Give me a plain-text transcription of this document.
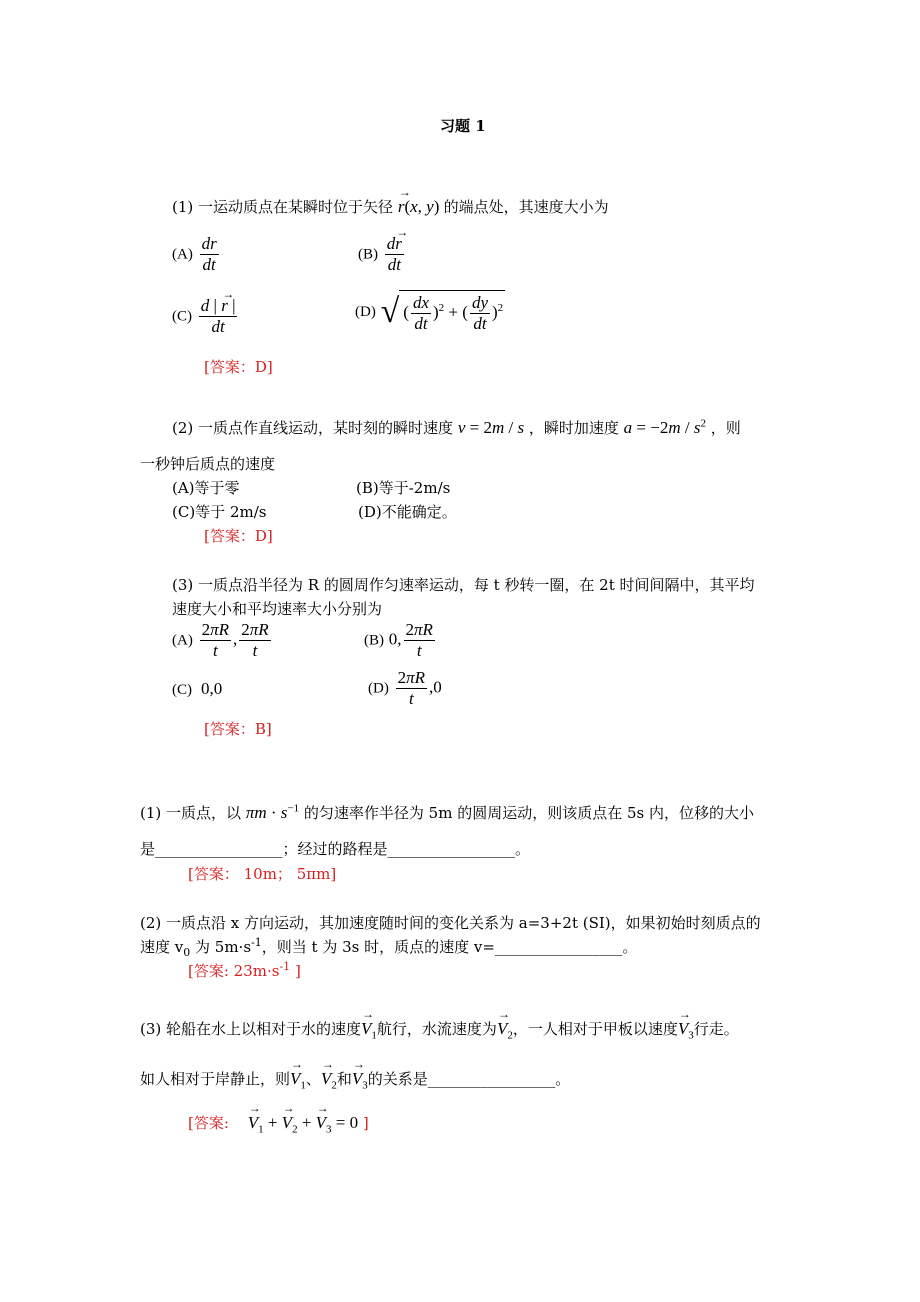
习题 1
(1) 一运动质点在某瞬时位于矢径 → r(x, y) 的端点处，其速度大小为
$(A) \frac{dr}{dt}$	$(B) \frac{d\to r}{dt}$
$(C) \frac{d | \to r |}{dt}$	(D) √ ( $\frac{dx}{dt} )^2$ + ( $\frac{dy}{dt} )^2$
[答案：D]
(2) 一质点作直线运动，某时刻的瞬时速度 v = 2m / s ，瞬时加速度 $a = -2m / s^2$ ，则
一秒钟后质点的速度
(A)等于零	(B)等于-2m/s
(C)等于 2m/s	(D)不能确定。
[答案：D]
(3) 一质点沿半径为 R 的圆周作匀速率运动，每 t 秒转一圈，在 2t 时间间隔中，其平均
速度大小和平均速率大小分别为
$(A) \frac{2\pi R}{t}$ , $\frac{2\pi R}{t}$	(B) 0, $\frac{2\pi R}{t}$
(C)  0,0	$(D) \frac{2\pi R}{t} ,0$
[答案：B]
(1) 一质点，以 $\pi m \cdot s^{-1}$ 的匀速率作半径为 5m 的圆周运动，则该质点在 5s 内，位移的大小
是_________________；经过的路程是_________________。
[答案： 10m； 5πm]
(2) 一质点沿 x 方向运动，其加速度随时间的变化关系为 a=3+2t (SI)，如果初始时刻质点的
速度 $v_0$ 为 $5m\cdot s^{-1}$，则当 t 为 3s 时，质点的速度 v=_________________。
[答案: $23m\cdot s^{-1}$ ]
(3) 轮船在水上以相对于水的速度→ $V_1$航行，水流速度为→ $V_2$，一人相对于甲板以速度→ $V_3$行走。
如人相对于岸静止，则→ $V_1$、→ $V_2$和→ $V_3$的关系是_________________。
[答案: → $V_1$ + → $V_2$ + → $V_3 = 0$ ]
